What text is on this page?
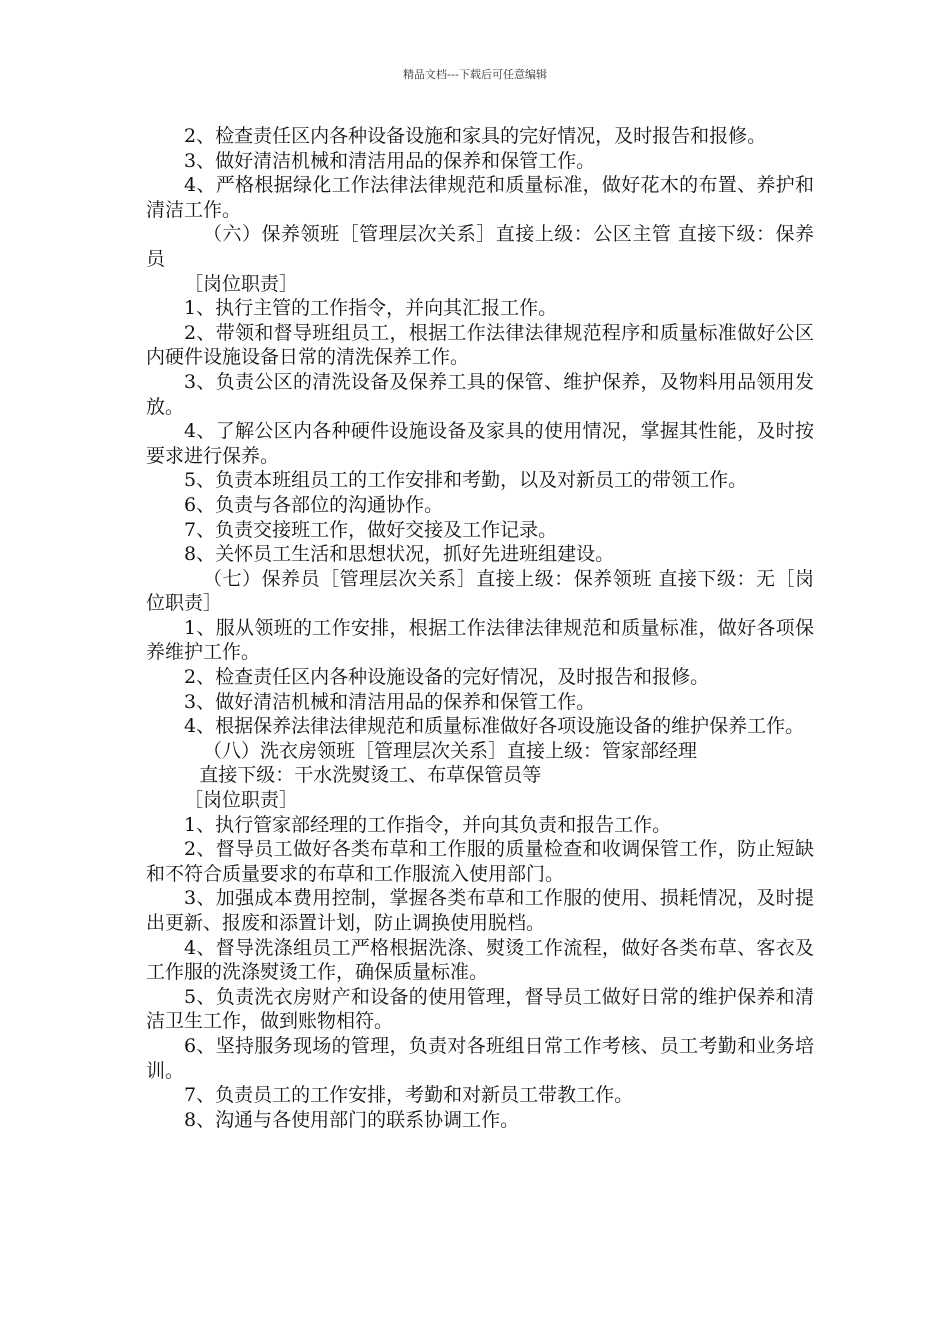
精品文档---下载后可任意编辑

2、检查责任区内各种设备设施和家具的完好情况，及时报告和报修。

3、做好清洁机械和清洁用品的保养和保管工作。

4、严格根据绿化工作法律法律规范和质量标准，做好花木的布置、养护和清洁工作。

（六）保养领班［管理层次关系］直接上级：公区主管 直接下级：保养员

［岗位职责］

1、执行主管的工作指令，并向其汇报工作。

2、带领和督导班组员工，根据工作法律法律规范程序和质量标准做好公区内硬件设施设备日常的清洗保养工作。

3、负责公区的清洗设备及保养工具的保管、维护保养，及物料用品领用发放。

4、了解公区内各种硬件设施设备及家具的使用情况，掌握其性能，及时按要求进行保养。

5、负责本班组员工的工作安排和考勤，以及对新员工的带领工作。

6、负责与各部位的沟通协作。

7、负责交接班工作，做好交接及工作记录。

8、关怀员工生活和思想状况，抓好先进班组建设。

（七）保养员［管理层次关系］直接上级：保养领班 直接下级：无［岗位职责］

1、服从领班的工作安排，根据工作法律法律规范和质量标准，做好各项保养维护工作。

2、检查责任区内各种设施设备的完好情况，及时报告和报修。

3、做好清洁机械和清洁用品的保养和保管工作。

4、根据保养法律法律规范和质量标准做好各项设施设备的维护保养工作。

（八）洗衣房领班［管理层次关系］直接上级：管家部经理

直接下级：干水洗熨烫工、布草保管员等

［岗位职责］

1、执行管家部经理的工作指令，并向其负责和报告工作。

2、督导员工做好各类布草和工作服的质量检查和收调保管工作，防止短缺和不符合质量要求的布草和工作服流入使用部门。

3、加强成本费用控制，掌握各类布草和工作服的使用、损耗情况，及时提出更新、报废和添置计划，防止调换使用脱档。

4、督导洗涤组员工严格根据洗涤、熨烫工作流程，做好各类布草、客衣及工作服的洗涤熨烫工作，确保质量标准。

5、负责洗衣房财产和设备的使用管理，督导员工做好日常的维护保养和清洁卫生工作，做到账物相符。

6、坚持服务现场的管理，负责对各班组日常工作考核、员工考勤和业务培训。

7、负责员工的工作安排，考勤和对新员工带教工作。

8、沟通与各使用部门的联系协调工作。
